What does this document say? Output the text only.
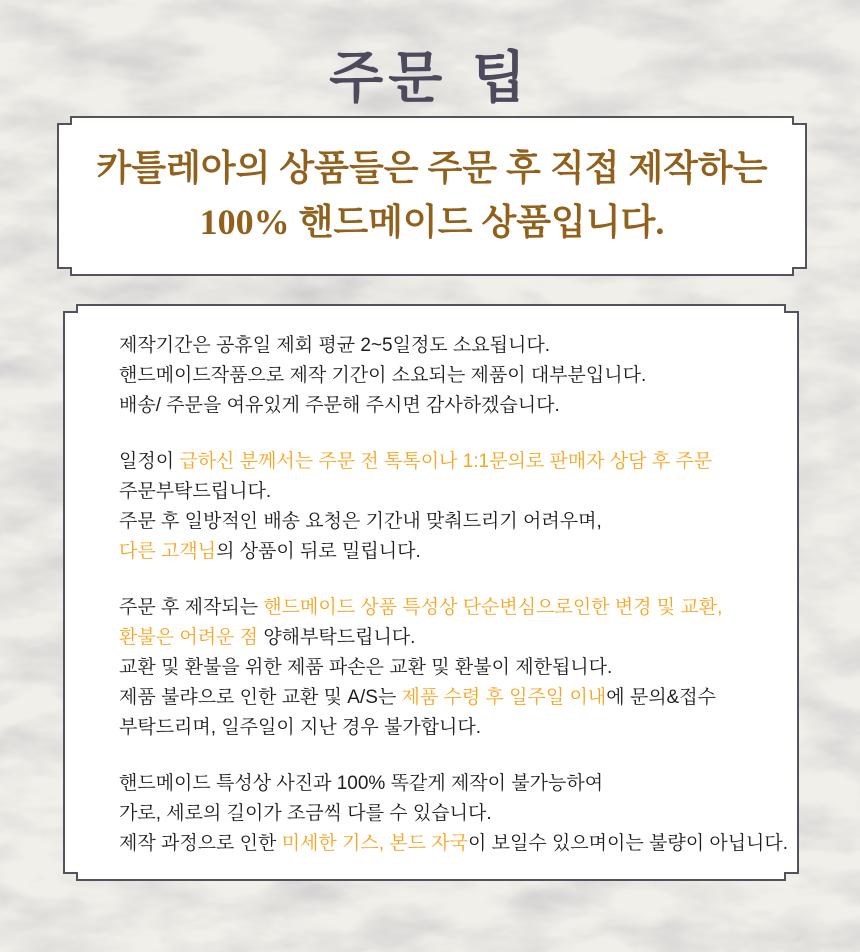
주문 팁
카틀레아의 상품들은 주문 후 직접 제작하는
100% 핸드메이드 상품입니다.
제작기간은 공휴일 제회 평균 2~5일정도 소요됩니다.
핸드메이드작품으로 제작 기간이 소요되는 제품이 대부분입니다.
배송/ 주문을 여유있게 주문해 주시면 감사하겠습니다.
일정이 급하신 분께서는 주문 전 톡톡이나 1:1문의로 판매자 상담 후 주문
주문부탁드립니다.
주문 후 일방적인 배송 요청은 기간내 맞춰드리기 어려우며,
다른 고객님의 상품이 뒤로 밀립니다.
주문 후 제작되는 핸드메이드 상품 특성상 단순변심으로인한 변경 및 교환,
환불은 어려운 점 양해부탁드립니다.
교환 및 환불을 위한 제품 파손은 교환 및 환불이 제한됩니다.
제품 불랴으로 인한 교환 및 A/S는 제품 수령 후 일주일 이내에 문의&접수
부탁드리며, 일주일이 지난 경우 불가합니다.
핸드메이드 특성상 사진과 100% 똑같게 제작이 불가능하여
가로, 세로의 길이가 조금씩 다를 수 있습니다.
제작 과정으로 인한 미세한 기스, 본드 자국이 보일수 있으며이는 불량이 아닙니다.
